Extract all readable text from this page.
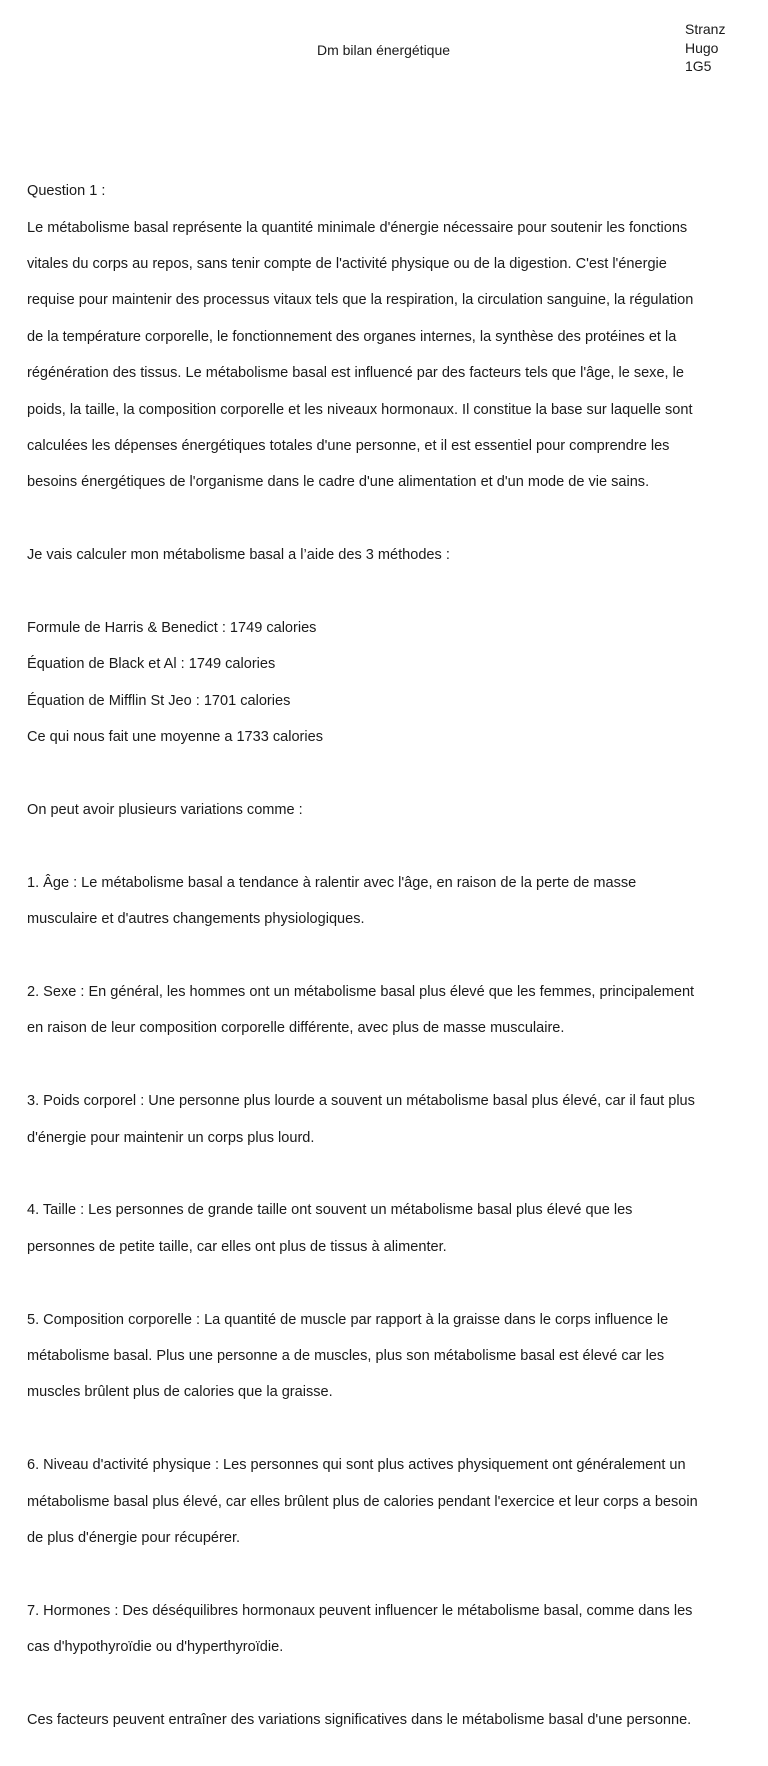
Dm bilan énergétique
Stranz
Hugo
1G5

Question 1 :

Le métabolisme basal représente la quantité minimale d'énergie nécessaire pour soutenir les fonctions

vitales du corps au repos, sans tenir compte de l'activité physique ou de la digestion. C'est l'énergie

requise pour maintenir des processus vitaux tels que la respiration, la circulation sanguine, la régulation

de la température corporelle, le fonctionnement des organes internes, la synthèse des protéines et la

régénération des tissus. Le métabolisme basal est influencé par des facteurs tels que l'âge, le sexe, le

poids, la taille, la composition corporelle et les niveaux hormonaux. Il constitue la base sur laquelle sont

calculées les dépenses énergétiques totales d'une personne, et il est essentiel pour comprendre les

besoins énergétiques de l'organisme dans le cadre d'une alimentation et d'un mode de vie sains.

Je vais calculer mon métabolisme basal a l’aide des 3 méthodes :

Formule de Harris & Benedict : 1749 calories

Équation de Black et Al : 1749 calories

Équation de Mifflin St Jeo : 1701 calories

Ce qui nous fait une moyenne a 1733 calories

On peut avoir plusieurs variations comme :

1. Âge : Le métabolisme basal a tendance à ralentir avec l'âge, en raison de la perte de masse

musculaire et d'autres changements physiologiques.

2. Sexe : En général, les hommes ont un métabolisme basal plus élevé que les femmes, principalement

en raison de leur composition corporelle différente, avec plus de masse musculaire.

3. Poids corporel : Une personne plus lourde a souvent un métabolisme basal plus élevé, car il faut plus

d'énergie pour maintenir un corps plus lourd.

4. Taille : Les personnes de grande taille ont souvent un métabolisme basal plus élevé que les

personnes de petite taille, car elles ont plus de tissus à alimenter.

5. Composition corporelle : La quantité de muscle par rapport à la graisse dans le corps influence le

métabolisme basal. Plus une personne a de muscles, plus son métabolisme basal est élevé car les

muscles brûlent plus de calories que la graisse.

6. Niveau d'activité physique : Les personnes qui sont plus actives physiquement ont généralement un

métabolisme basal plus élevé, car elles brûlent plus de calories pendant l'exercice et leur corps a besoin

de plus d'énergie pour récupérer.

7. Hormones : Des déséquilibres hormonaux peuvent influencer le métabolisme basal, comme dans les

cas d'hypothyroïdie ou d'hyperthyroïdie.

Ces facteurs peuvent entraîner des variations significatives dans le métabolisme basal d'une personne.
